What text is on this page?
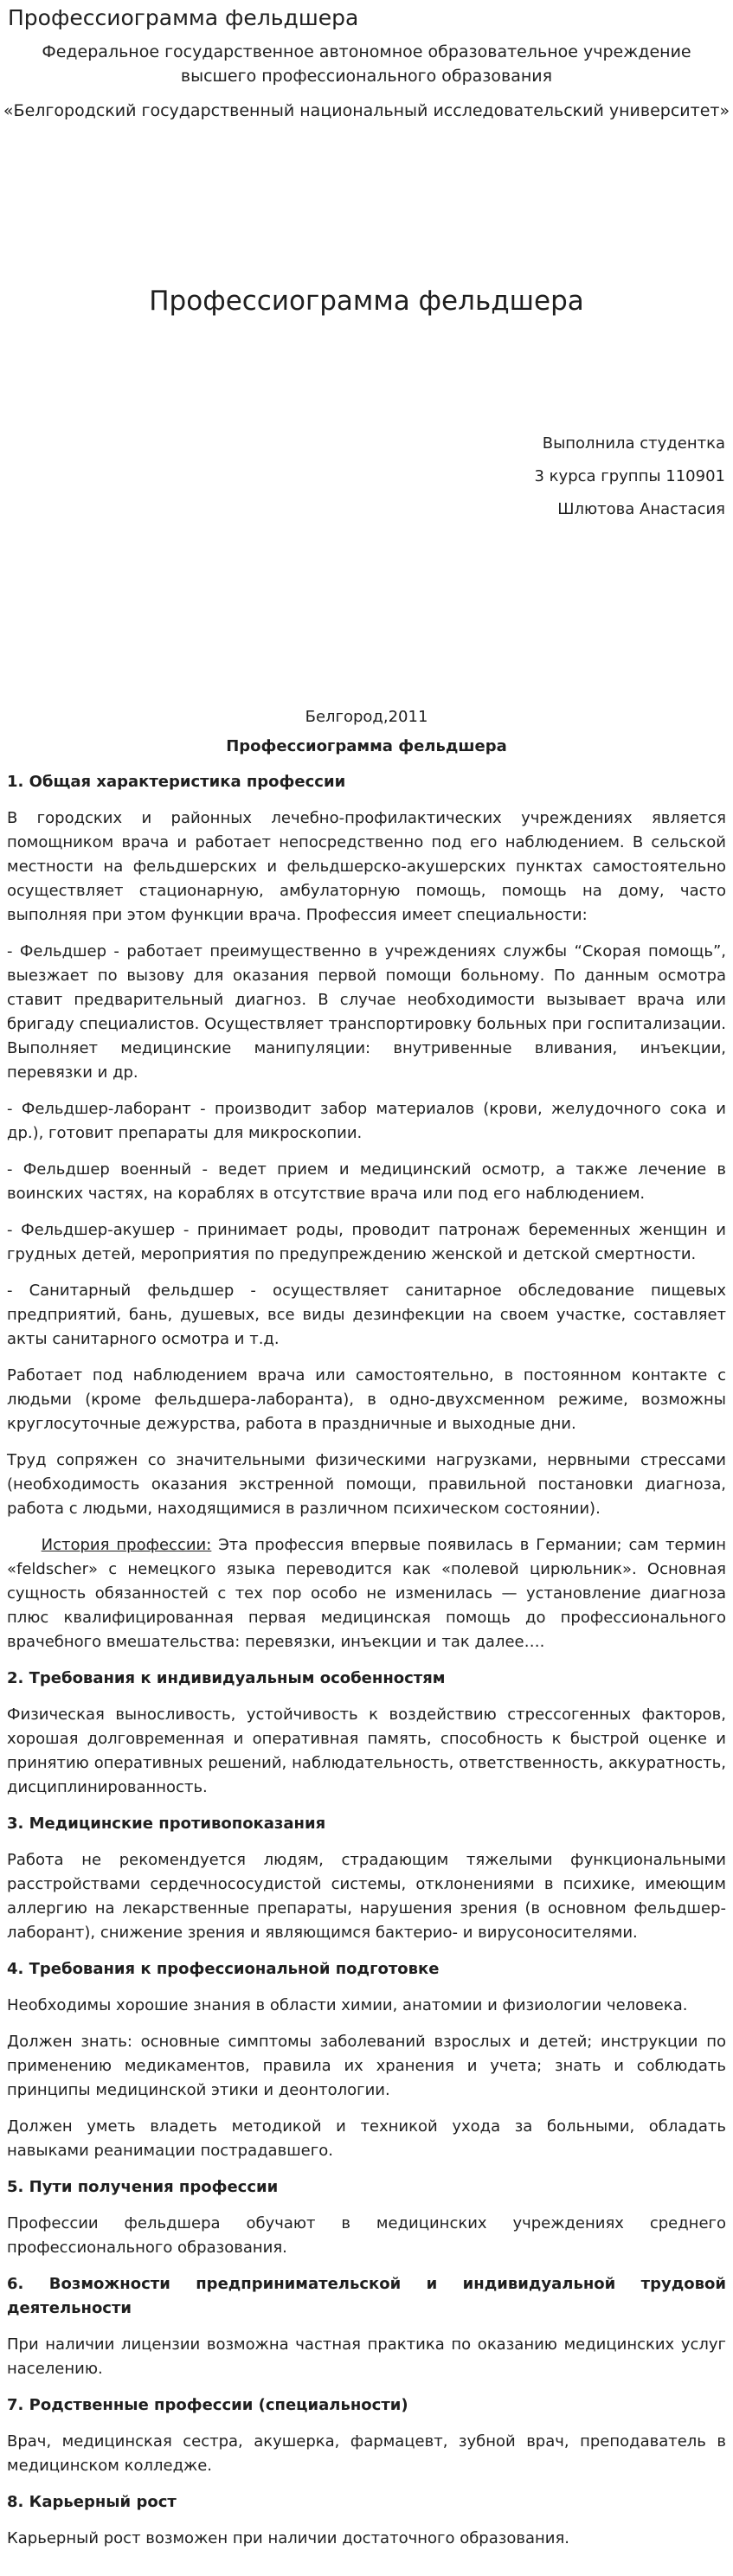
Профессиограмма фельдшера
Федеральное государственное автономное образовательное учреждение
высшего профессионального образования
«Белгородский государственный национальный исследовательский университет»
Профессиограмма фельдшера
Выполнила студентка
3 курса группы 110901
Шлютова Анастасия
Белгород,2011
Профессиограмма фельдшера
1. Общая характеристика профессии
В городских и районных лечебно-профилактических учреждениях является помощником врача и работает непосредственно под его наблюдением. В сельской местности на фельдшерских и фельдшерско-акушерских пунктах самостоятельно осуществляет стационарную, амбулаторную помощь, помощь на дому, часто выполняя при этом функции врача. Профессия имеет специальности:
- Фельдшер - работает преимущественно в учреждениях службы “Скорая помощь”, выезжает по вызову для оказания первой помощи больному. По данным осмотра ставит предварительный диагноз. В случае необходимости вызывает врача или бригаду специалистов. Осуществляет транспортировку больных при госпитализации. Выполняет медицинские манипуляции: внутривенные вливания, инъекции, перевязки и др.
- Фельдшер-лаборант - производит забор материалов (крови, желудочного сока и др.), готовит препараты для микроскопии.
- Фельдшер военный - ведет прием и медицинский осмотр, а также лечение в воинских частях, на кораблях в отсутствие врача или под его наблюдением.
- Фельдшер-акушер - принимает роды, проводит патронаж беременных женщин и грудных детей, мероприятия по предупреждению женской и детской смертности.
- Санитарный фельдшер - осуществляет санитарное обследование пищевых предприятий, бань, душевых, все виды дезинфекции на своем участке, составляет акты санитарного осмотра и т.д.
Работает под наблюдением врача или самостоятельно, в постоянном контакте с людьми (кроме фельдшера-лаборанта), в одно-двухсменном режиме, возможны круглосуточные дежурства, работа в праздничные и выходные дни.
Труд сопряжен со значительными физическими нагрузками, нервными стрессами (необходимость оказания экстренной помощи, правильной постановки диагноза, работа с людьми, находящимися в различном психическом состоянии).
История профессии: Эта профессия впервые появилась в Германии; сам термин «feldscher» с немецкого языка переводится как «полевой цирюльник». Основная сущность обязанностей с тех пор особо не изменилась — установление диагноза плюс квалифицированная первая медицинская помощь до профессионального врачебного вмешательства: перевязки, инъекции и так далее….
2. Требования к индивидуальным особенностям
Физическая выносливость, устойчивость к воздействию стрессогенных факторов, хорошая долговременная и оперативная память, способность к быстрой оценке и принятию оперативных решений, наблюдательность, ответственность, аккуратность, дисциплинированность.
3. Медицинские противопоказания
Работа не рекомендуется людям, страдающим тяжелыми функциональными расстройствами сердечнососудистой системы, отклонениями в психике, имеющим аллергию на лекарственные препараты, нарушения зрения (в основном фельдшер-лаборант), снижение зрения и являющимся бактерио- и вирусоносителями.
4. Требования к профессиональной подготовке
Необходимы хорошие знания в области химии, анатомии и физиологии человека.
Должен знать: основные симптомы заболеваний взрослых и детей; инструкции по применению медикаментов, правила их хранения и учета; знать и соблюдать принципы медицинской этики и деонтологии.
Должен уметь владеть методикой и техникой ухода за больными, обладать навыками реанимации пострадавшего.
5. Пути получения профессии
Профессии фельдшера обучают в медицинских учреждениях среднего профессионального образования.
6. Возможности предпринимательской и индивидуальной трудовой деятельности
При наличии лицензии возможна частная практика по оказанию медицинских услуг населению.
7. Родственные профессии (специальности)
Врач, медицинская сестра, акушерка, фармацевт, зубной врач, преподаватель в медицинском колледже.
8. Карьерный рост
Карьерный рост возможен при наличии достаточного образования.
